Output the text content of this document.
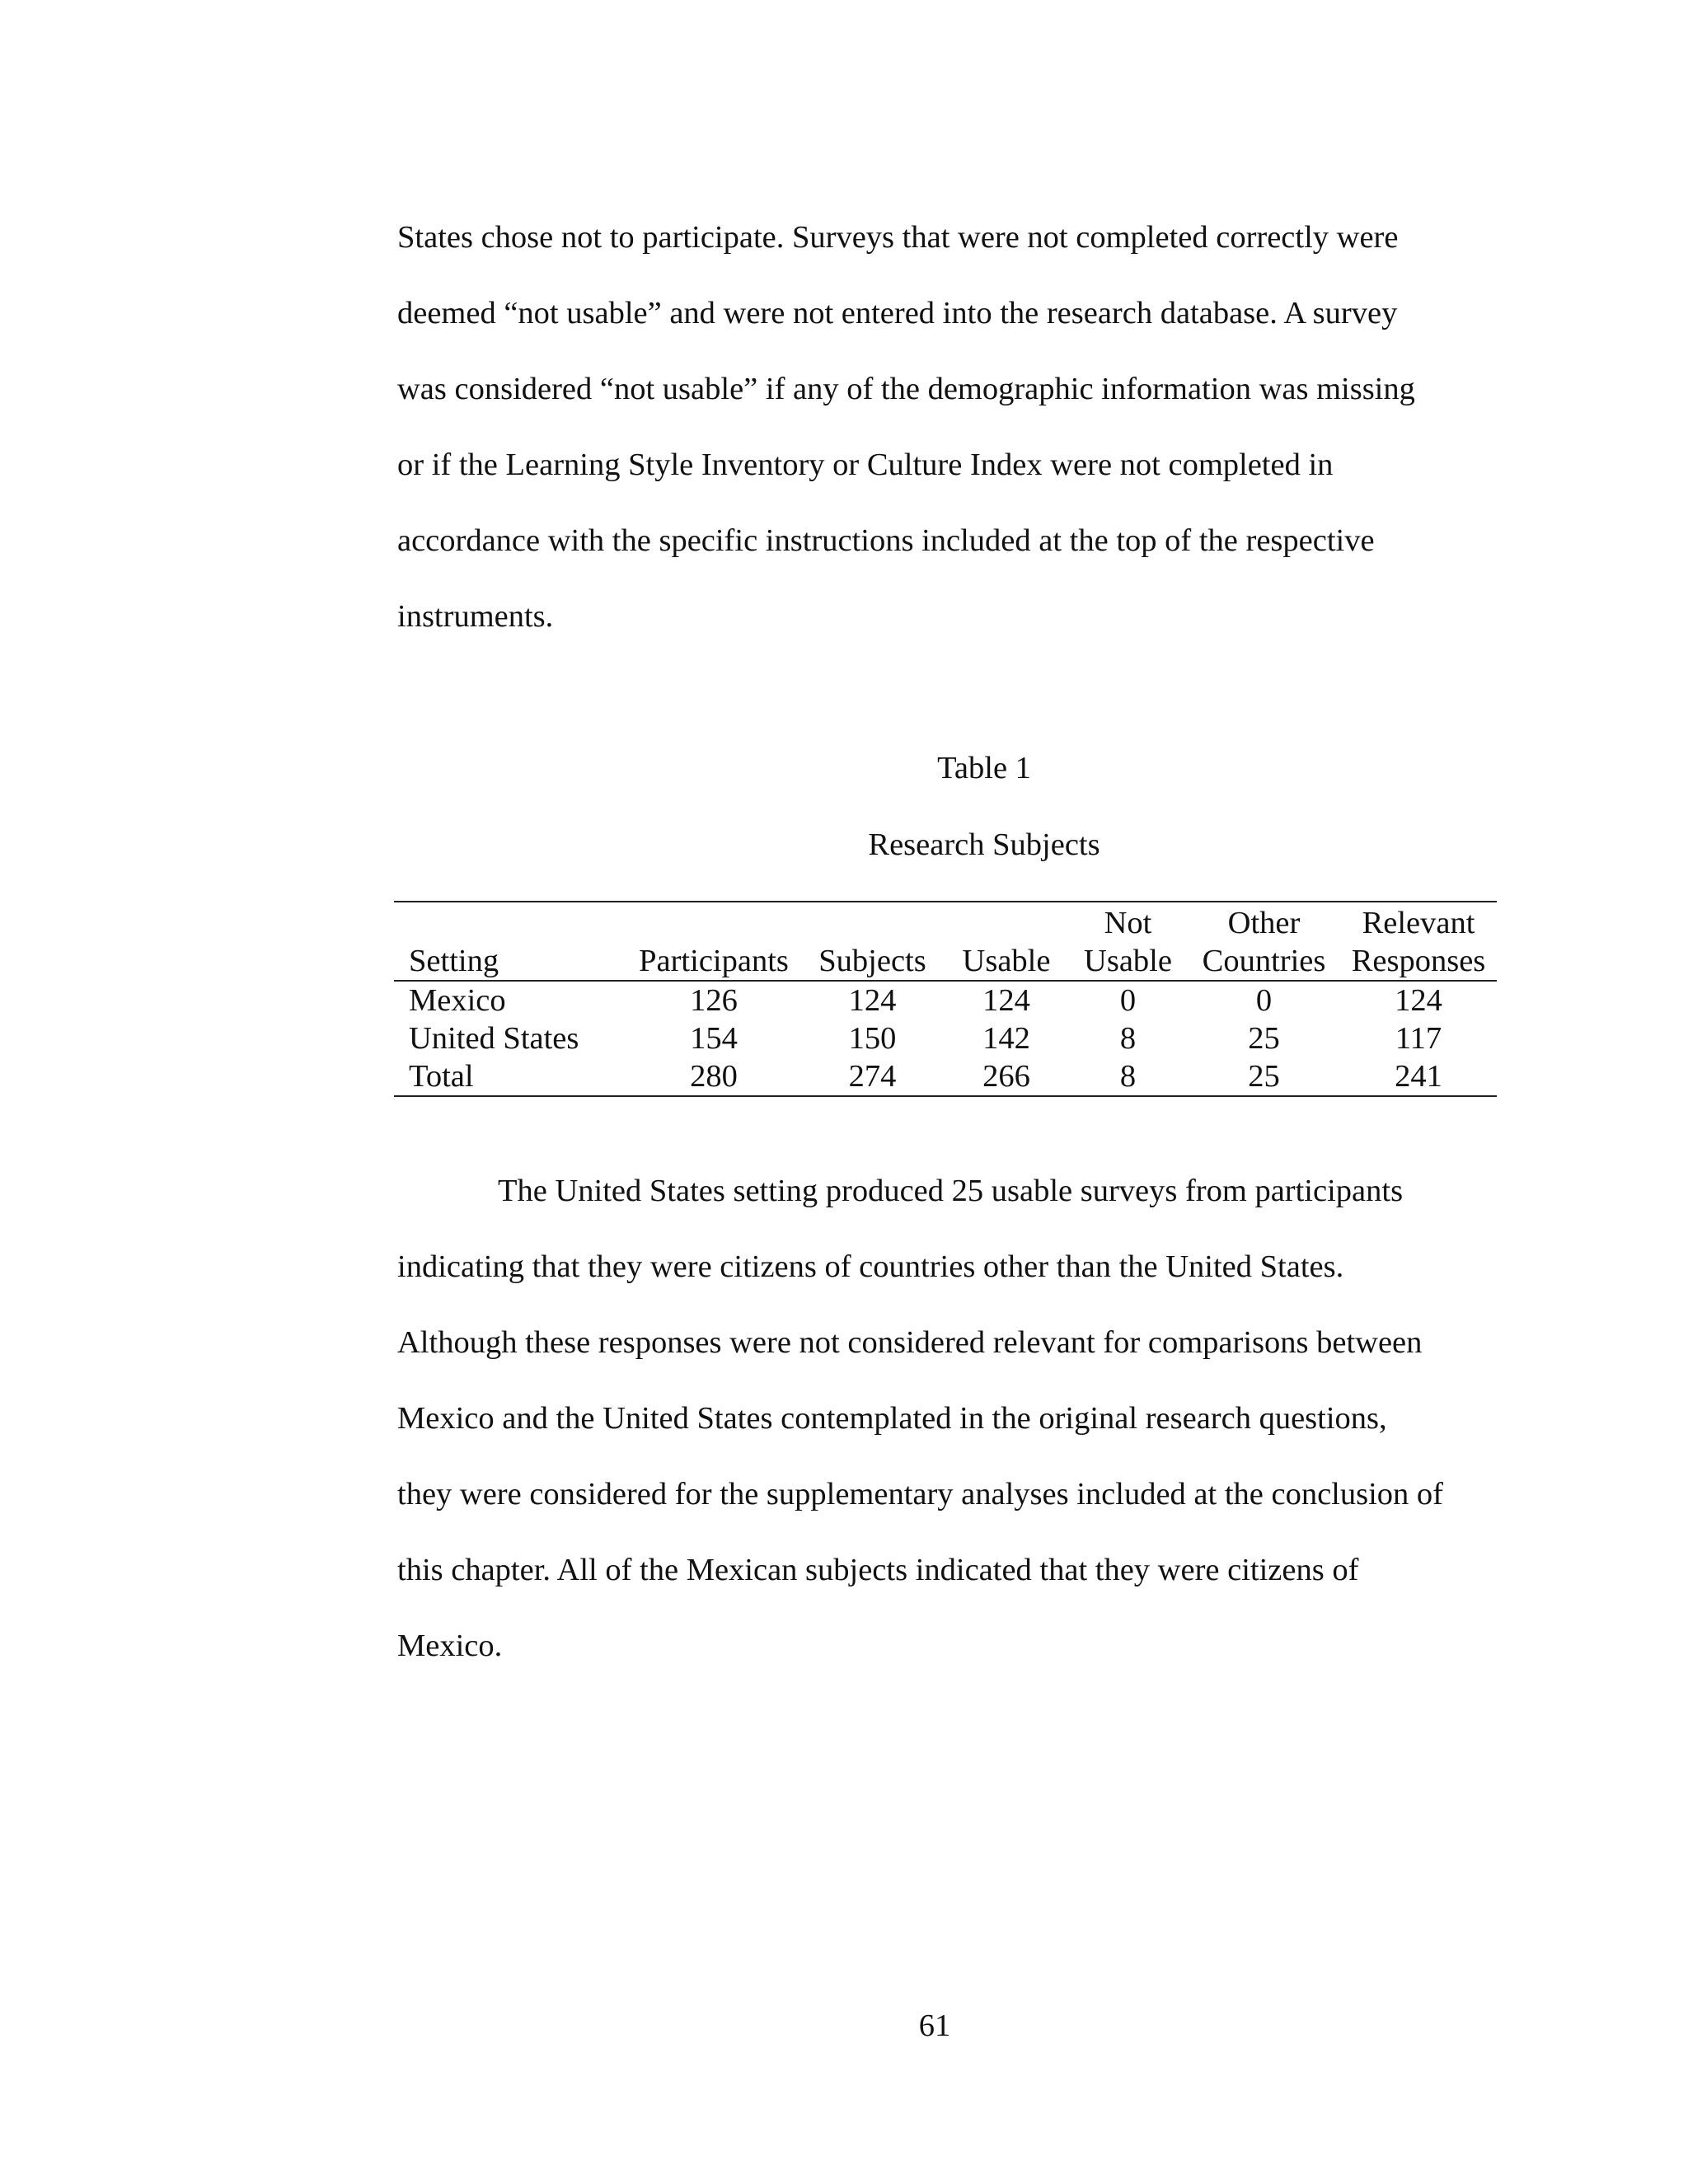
States chose not to participate. Surveys that were not completed correctly were
deemed “not usable” and were not entered into the research database. A survey
was considered “not usable” if any of the demographic information was missing
or if the Learning Style Inventory or Culture Index were not completed in
accordance with the specific instructions included at the top of the respective
instruments.
Table 1
Research Subjects
				Not	Other	Relevant
Setting	Participants	Subjects	Usable	Usable	Countries	Responses
Mexico	126	124	124	0	0	124
United States	154	150	142	8	25	117
Total	280	274	266	8	25	241
The United States setting produced 25 usable surveys from participants
indicating that they were citizens of countries other than the United States.
Although these responses were not considered relevant for comparisons between
Mexico and the United States contemplated in the original research questions,
they were considered for the supplementary analyses included at the conclusion of
this chapter. All of the Mexican subjects indicated that they were citizens of
Mexico.
61
